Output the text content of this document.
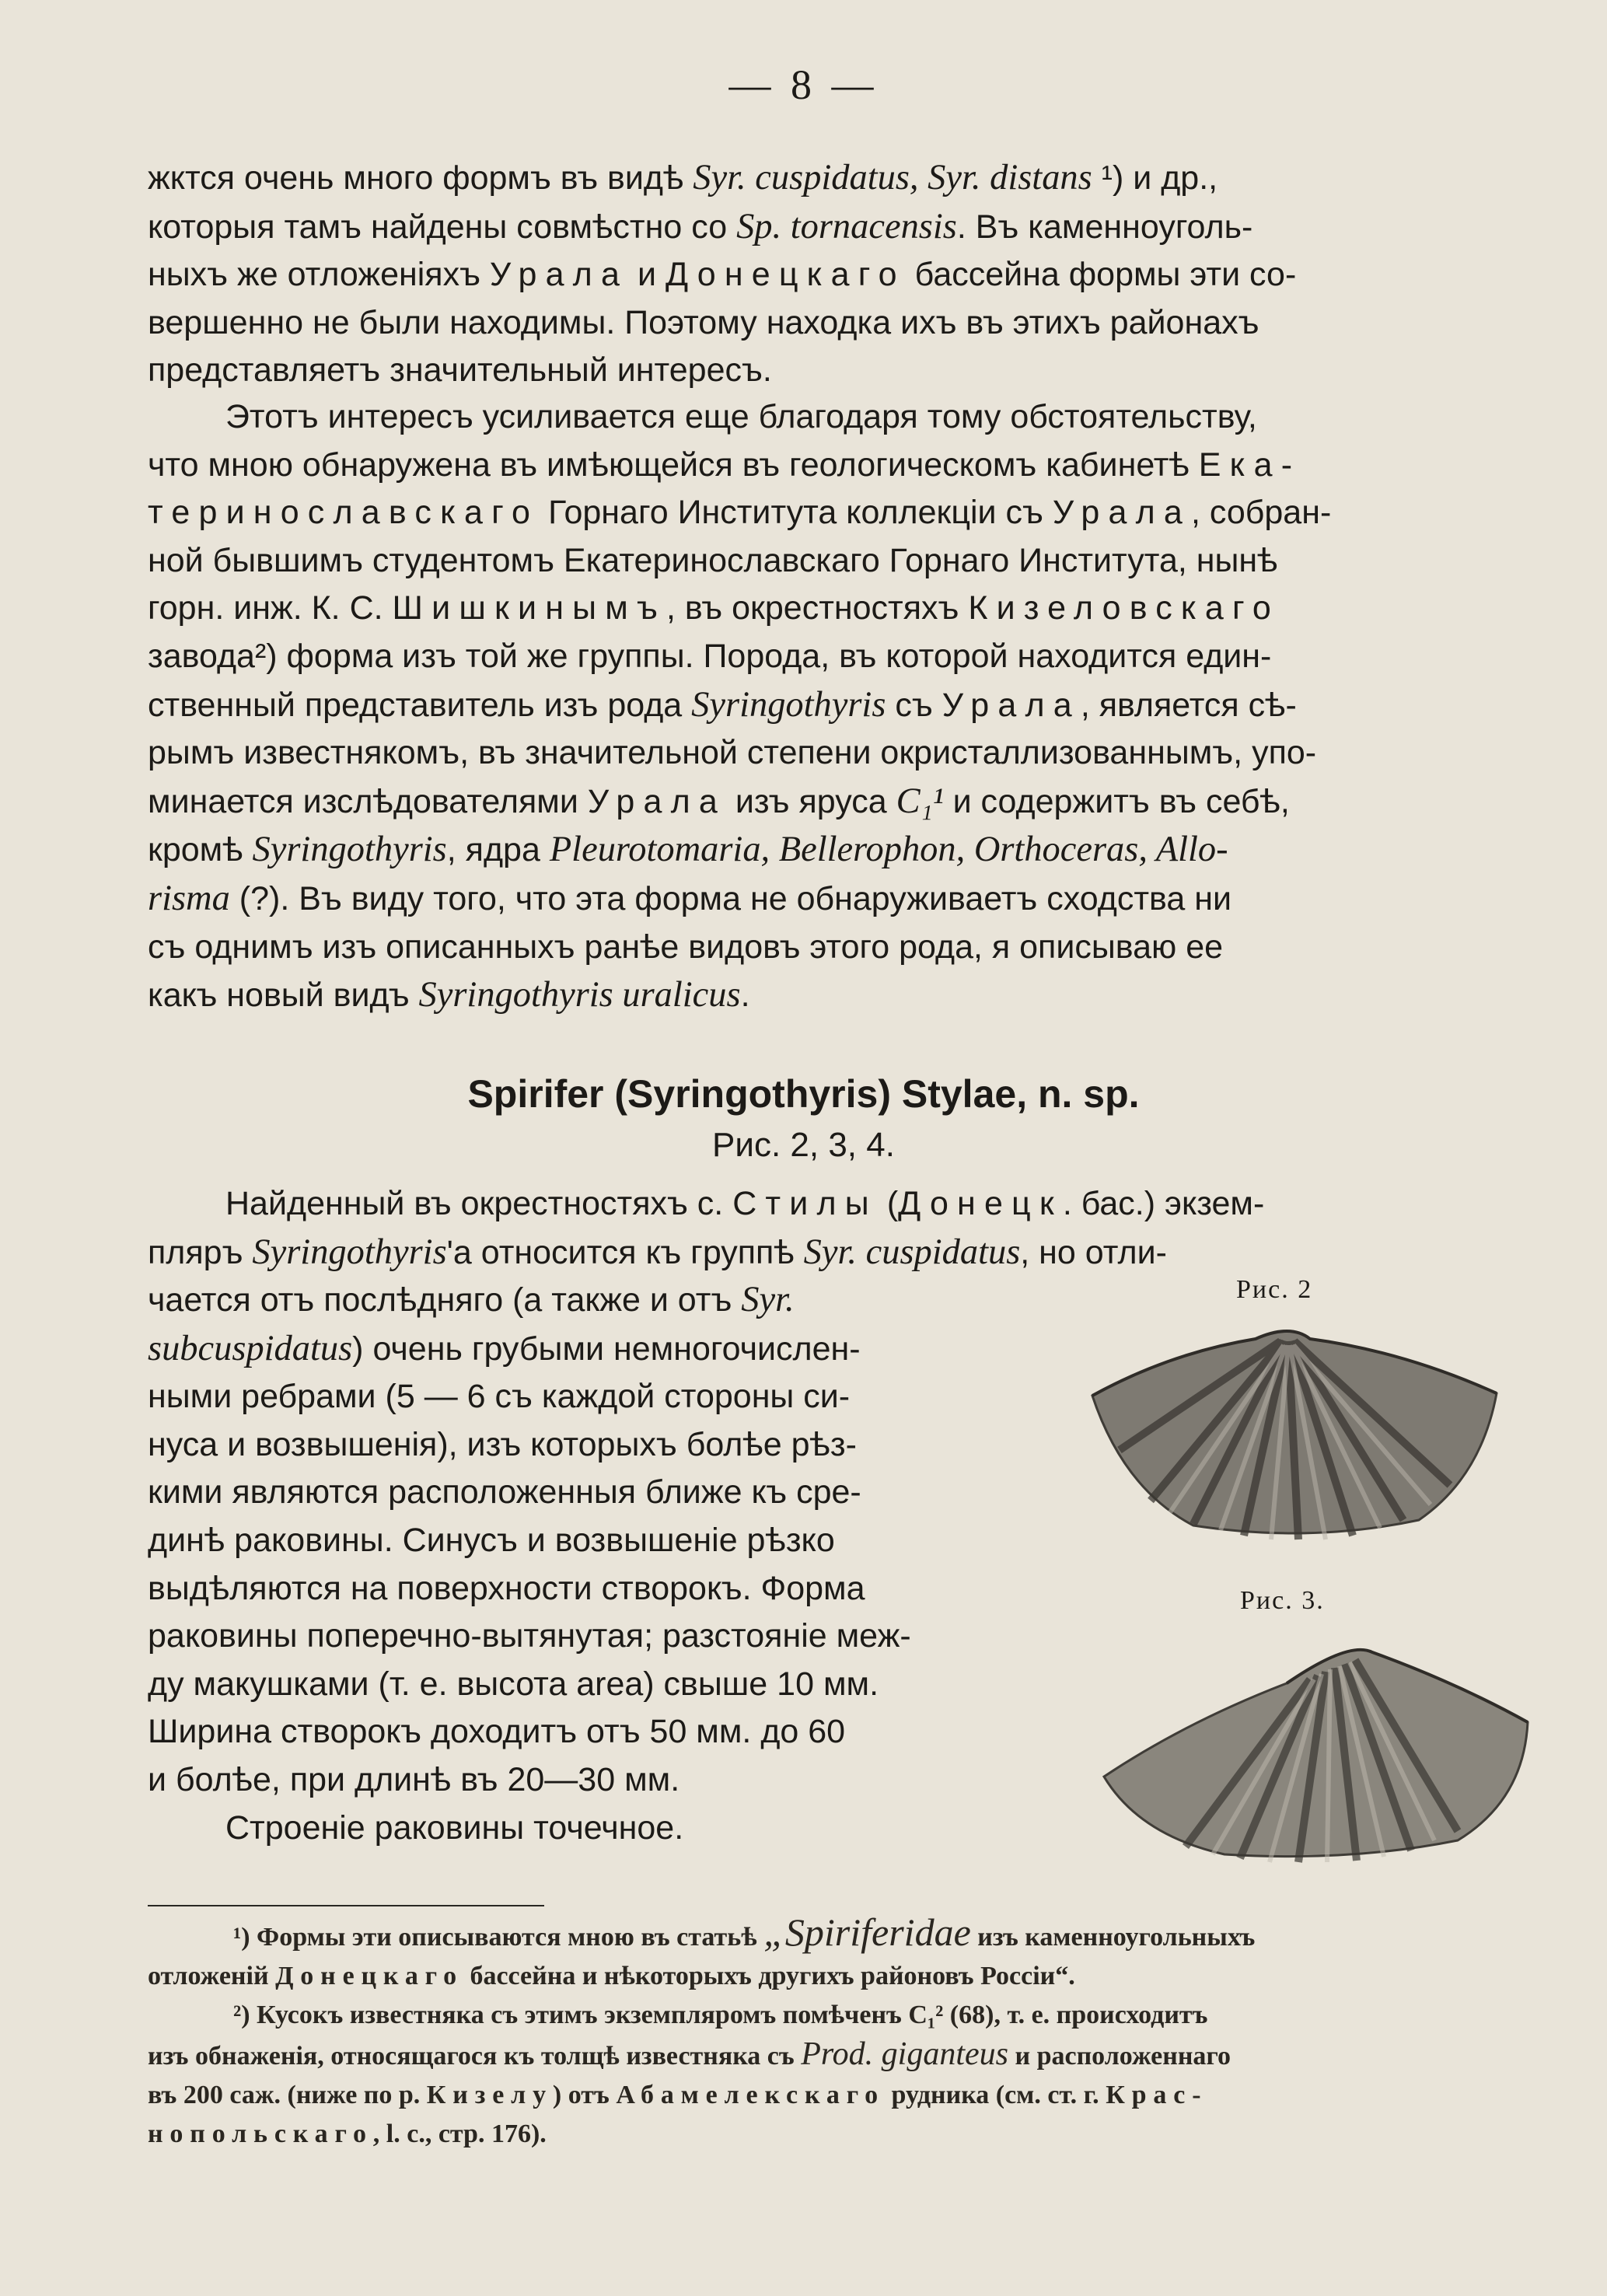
— 8 —

жктся очень много формъ въ видѣ Syr. cuspidatus, Syr. distans ¹) и др.,

которыя тамъ найдены совмѣстно со Sp. tornacensis. Въ каменноуголь-

ныхъ же отложеніяхъ Урала и Донецкаго бассейна формы эти со-

вершенно не были находимы. Поэтому находка ихъ въ этихъ районахъ

представляетъ значительный интересъ.

Этотъ интересъ усиливается еще благодаря тому обстоятельству,

что мною обнаружена въ имѣющейся въ геологическомъ кабинетѣ Ека-

теринославскаго Горнаго Института коллекціи съ Урала, собран-

ной бывшимъ студентомъ Екатеринославскаго Горнаго Института, нынѣ

горн. инж. К. С. Шишкинымъ, въ окрестностяхъ Кизеловскаго

завода²) форма изъ той же группы. Порода, въ которой находится един-

ственный представитель изъ рода Syringothyris съ Урала, является сѣ-

рымъ известнякомъ, въ значительной степени окристаллизованнымъ, упо-

минается изслѣдователями Урала изъ яруса C₁¹ и содержитъ въ себѣ,

кромѣ Syringothyris, ядра Pleurotomaria, Bellerophon, Orthoceras, Allo-

risma (?). Въ виду того, что эта форма не обнаруживаетъ сходства ни

съ однимъ изъ описанныхъ ранѣе видовъ этого рода, я описываю ее

какъ новый видъ Syringothyris uralicus.

Spirifer (Syringothyris) Stylae, n. sp.
Рис. 2, 3, 4.

Найденный въ окрестностяхъ с. Стилы (Донецк. бас.) экзем-

пляръ Syringothyris'а относится къ группѣ Syr. cuspidatus, но отли-

чается отъ послѣдняго (а также и отъ Syr.

subcuspidatus) очень грубыми немногочислен-

ными ребрами (5 — 6 съ каждой стороны си-

нуса и возвышенія), изъ которыхъ болѣе рѣз-

кими являются расположенныя ближе къ сре-

динѣ раковины. Синусъ и возвышеніе рѣзко

выдѣляются на поверхности створокъ. Форма

раковины поперечно-вытянутая; разстояніе меж-

ду макушками (т. е. высота area) свыше 10 мм.

Ширина створокъ доходитъ отъ 50 мм. до 60

и болѣе, при длинѣ въ 20—30 мм.

Строеніе раковины точечное.

Рис. 2
Рис. 3.

¹) Формы эти описываются мною въ статьѣ „Spiriferidae изъ каменноугольныхъ

отложеній Донецкаго бассейна и нѣкоторыхъ другихъ районовъ Россіи“.

²) Кусокъ известняка съ этимъ экземпляромъ помѣченъ C₁² (68), т. е. происходитъ

изъ обнаженія, относящагося къ толщѣ известняка съ Prod. giganteus и расположеннаго

въ 200 саж. (ниже по р. Кизелу) отъ Абамелекскаго рудника (см. ст. г. Крас-

нопольскаго, l. c., стр. 176).
